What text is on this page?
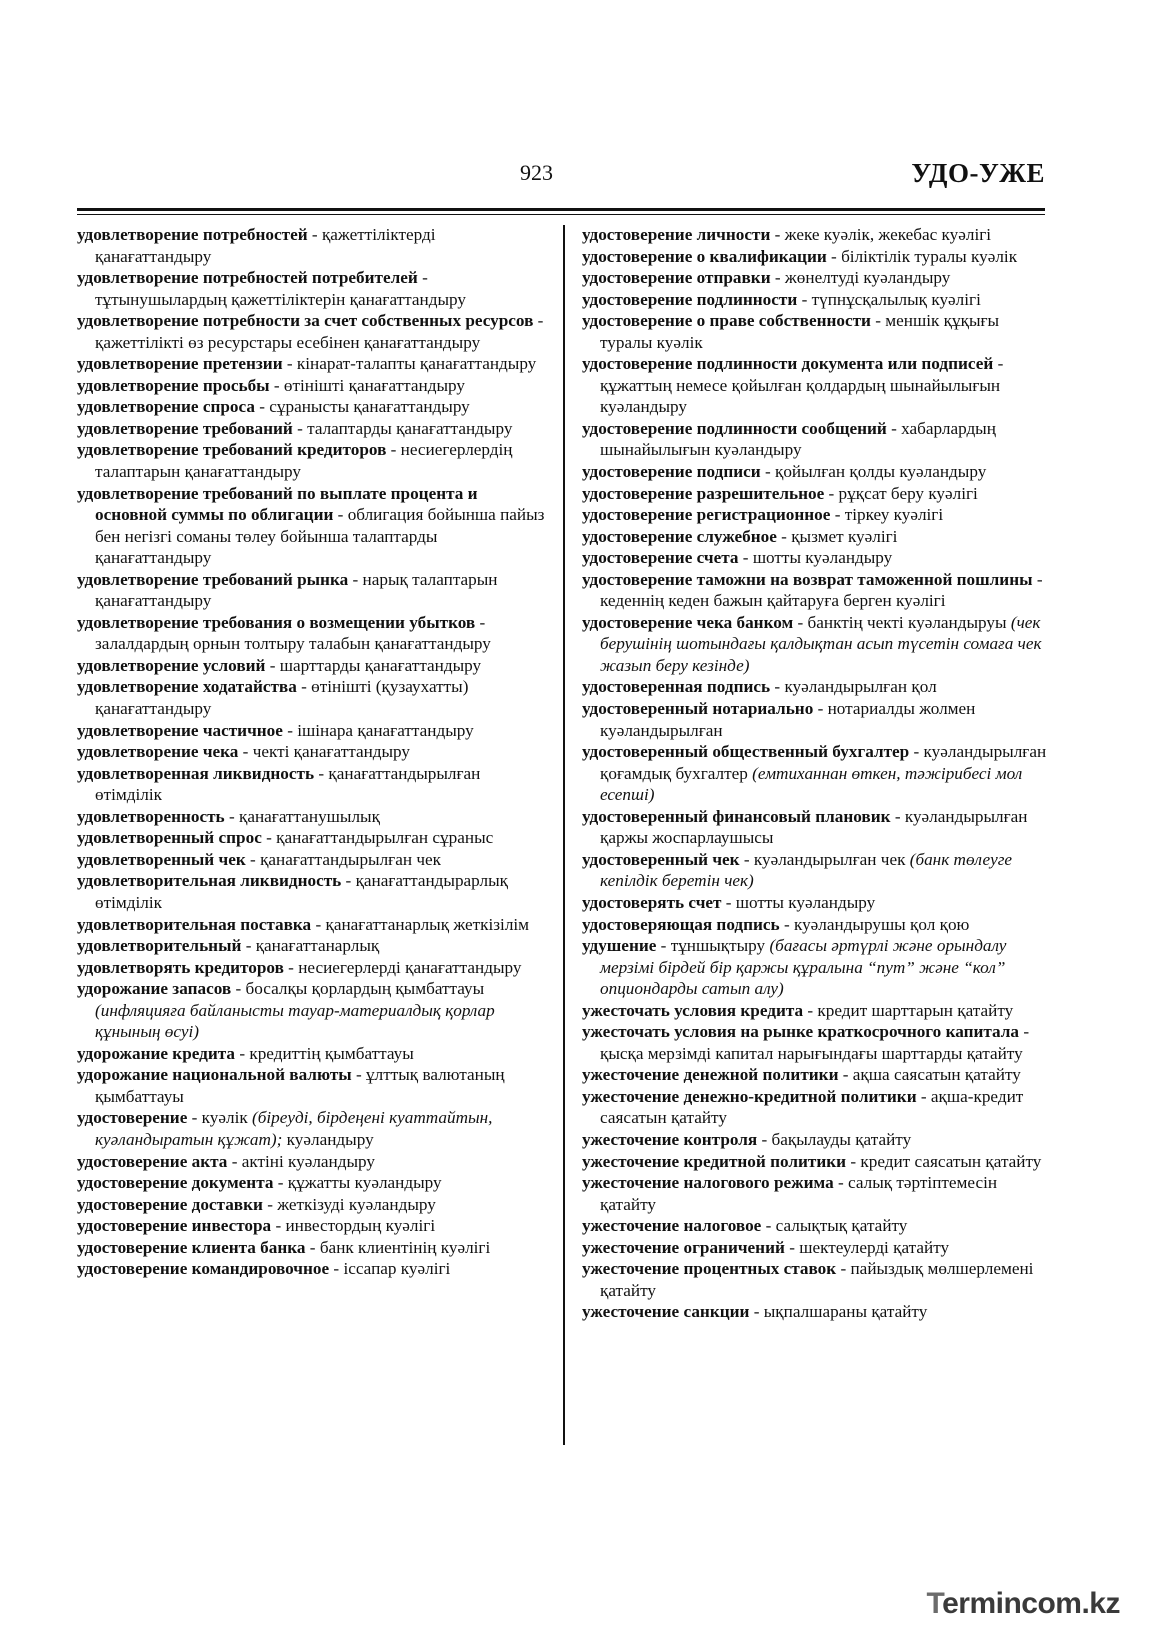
923	УДО-УЖЕ

удовлетворение потребностей - қажеттіліктерді қанағаттандыру

удовлетворение потребностей потребителей - тұтынушылардың қажеттіліктерін қанағаттандыру

удовлетворение потребности за счет собственных ресурсов - қажеттілікті өз ресурстары есебінен қанағаттандыру

удовлетворение претензии - кінарат-талапты қанағаттандыру

удовлетворение просьбы - өтінішті қанағаттандыру

удовлетворение спроса - сұранысты қанағаттандыру

удовлетворение требований - талаптарды қанағаттандыру

удовлетворение требований кредиторов - несиегерлердің талаптарын қанағаттандыру

удовлетворение требований по выплате процента и основной суммы по облигации - облигация бойынша пайыз бен негізгі соманы төлеу бойынша талаптарды қанағаттандыру

удовлетворение требований рынка - нарық талаптарын қанағаттандыру

удовлетворение требования о возмещении убытков - залалдардың орнын толтыру талабын қанағаттандыру

удовлетворение условий - шарттарды қанағаттандыру

удовлетворение ходатайства - өтінішті (қузаухатты) қанағаттандыру

удовлетворение частичное - ішінара қанағаттандыру

удовлетворение чека - чекті қанағаттандыру

удовлетворенная ликвидность - қанағаттандырылған өтімділік

удовлетворенность - қанағаттанушылық

удовлетворенный спрос - қанағаттандырылған сұраныс

удовлетворенный чек - қанағаттандырылған чек

удовлетворительная ликвидность - қанағаттандырарлық өтімділік

удовлетворительная поставка - қанағаттанарлық жеткізілім

удовлетворительный - қанағаттанарлық

удовлетворять кредиторов - несиегерлерді қанағаттандыру

удорожание запасов - босалқы қорлардың қымбаттауы (инфляцияға байланысты тауар-материалдық қорлар құнының өсуі)

удорожание кредита - кредиттің қымбаттауы

удорожание национальной валюты - ұлттық валютаның қымбаттауы

удостоверение - куәлік (біреуді, бірдеңені куаттайтын, куәландыратын құжат); куәландыру

удостоверение акта - актіні куәландыру

удостоверение документа - құжатты куәландыру

удостоверение доставки - жеткізуді куәландыру

удостоверение инвестора - инвестордың куәлігі

удостоверение клиента банка - банк клиентінің куәлігі

удостоверение командировочное - іссапар куәлігі

удостоверение личности - жеке куәлік, жекебас куәлігі

удостоверение о квалификации - біліктілік туралы куәлік

удостоверение отправки - жөнелтуді куәландыру

удостоверение подлинности - түпнұсқалылық куәлігі

удостоверение о праве собственности - меншік құқығы туралы куәлік

удостоверение подлинности документа или подписей - құжаттың немесе қойылған қолдардың шынайылығын куәландыру

удостоверение подлинности сообщений - хабарлардың шынайылығын куәландыру

удостоверение подписи - қойылған қолды куәландыру

удостоверение разрешительное - рұқсат беру куәлігі

удостоверение регистрационное - тіркеу куәлігі

удостоверение служебное - қызмет куәлігі

удостоверение счета - шотты куәландыру

удостоверение таможни на возврат таможенной пошлины - кеденнің кеден бажын қайтаруға берген куәлігі

удостоверение чека банком - банктің чекті куәландыруы (чек берушінің шотындағы қалдықтан асып түсетін сомаға чек жазып беру кезінде)

удостоверенная подпись - куәландырылған қол

удостоверенный нотариально - нотариалды жолмен куәландырылған

удостоверенный общественный бухгалтер - куәландырылған қоғамдық бухгалтер (емтиханнан өткен, тәжірибесі мол есепші)

удостоверенный финансовый плановик - куәландырылған қаржы жоспарлаушысы

удостоверенный чек - куәландырылған чек (банк төлеуге кепілдік беретін чек)

удостоверять счет - шотты куәландыру

удостоверяющая подпись - куәландырушы қол қою

удушение - тұншықтыру (бағасы әртүрлі және орындалу мерзімі бірдей бір қаржы құралына “пут” және “кол” опциондарды сатып алу)

ужесточать условия кредита - кредит шарттарын қатайту

ужесточать условия на рынке краткосрочного капитала - қысқа мерзімді капитал нарығындағы шарттарды қатайту

ужесточение денежной политики - ақша саясатын қатайту

ужесточение денежно-кредитной политики - ақша-кредит саясатын қатайту

ужесточение контроля - бақылауды қатайту

ужесточение кредитной политики - кредит саясатын қатайту

ужесточение налогового режима - салық тәртіптемесін қатайту

ужесточение налоговое - салықтық қатайту

ужесточение ограничений - шектеулерді қатайту

ужесточение процентных ставок - пайыздық мөлшерлемені қатайту

ужесточение санкции - ықпалшараны қатайту

Termincom.kz
